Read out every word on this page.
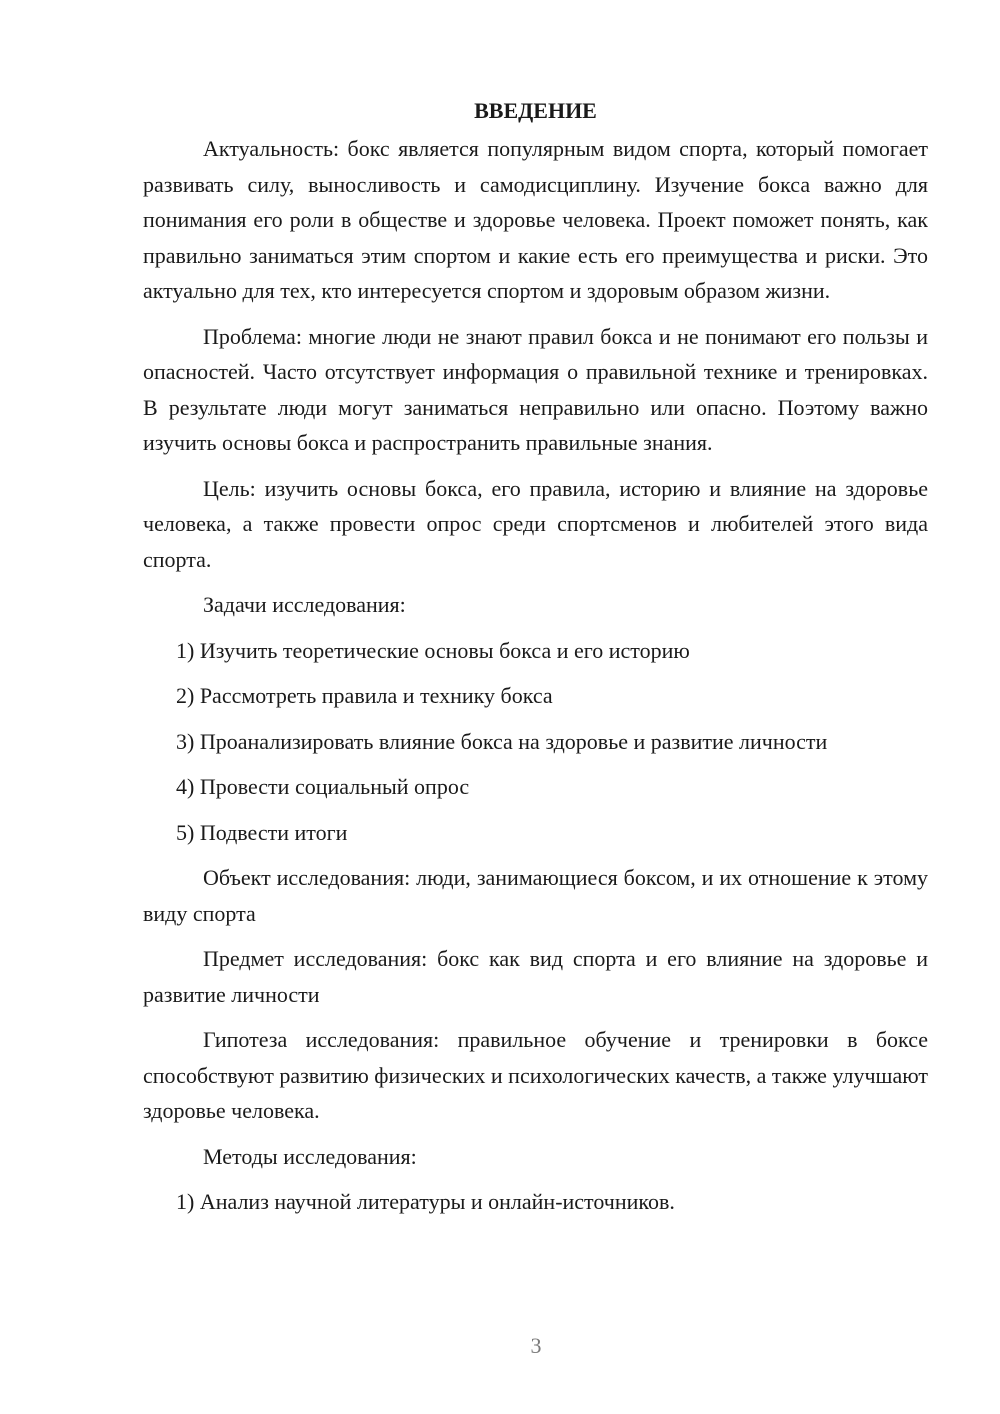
ВВЕДЕНИЕ

Актуальность: бокс является популярным видом спорта, который помогает развивать силу, выносливость и самодисциплину. Изучение бокса важно для понимания его роли в обществе и здоровье человека. Проект поможет понять, как правильно заниматься этим спортом и какие есть его преимущества и риски. Это актуально для тех, кто интересуется спортом и здоровым образом жизни.

Проблема: многие люди не знают правил бокса и не понимают его пользы и опасностей. Часто отсутствует информация о правильной технике и тренировках. В результате люди могут заниматься неправильно или опасно. Поэтому важно изучить основы бокса и распространить правильные знания.

Цель: изучить основы бокса, его правила, историю и влияние на здоровье человека, а также провести опрос среди спортсменов и любителей этого вида спорта.

Задачи исследования:

1) Изучить теоретические основы бокса и его историю
2) Рассмотреть правила и технику бокса
3) Проанализировать влияние бокса на здоровье и развитие личности
4) Провести социальный опрос
5) Подвести итоги

Объект исследования: люди, занимающиеся боксом, и их отношение к этому виду спорта

Предмет исследования: бокс как вид спорта и его влияние на здоровье и развитие личности

Гипотеза исследования: правильное обучение и тренировки в боксе способствуют развитию физических и психологических качеств, а также улучшают здоровье человека.

Методы исследования:

1) Анализ научной литературы и онлайн-источников.
3
